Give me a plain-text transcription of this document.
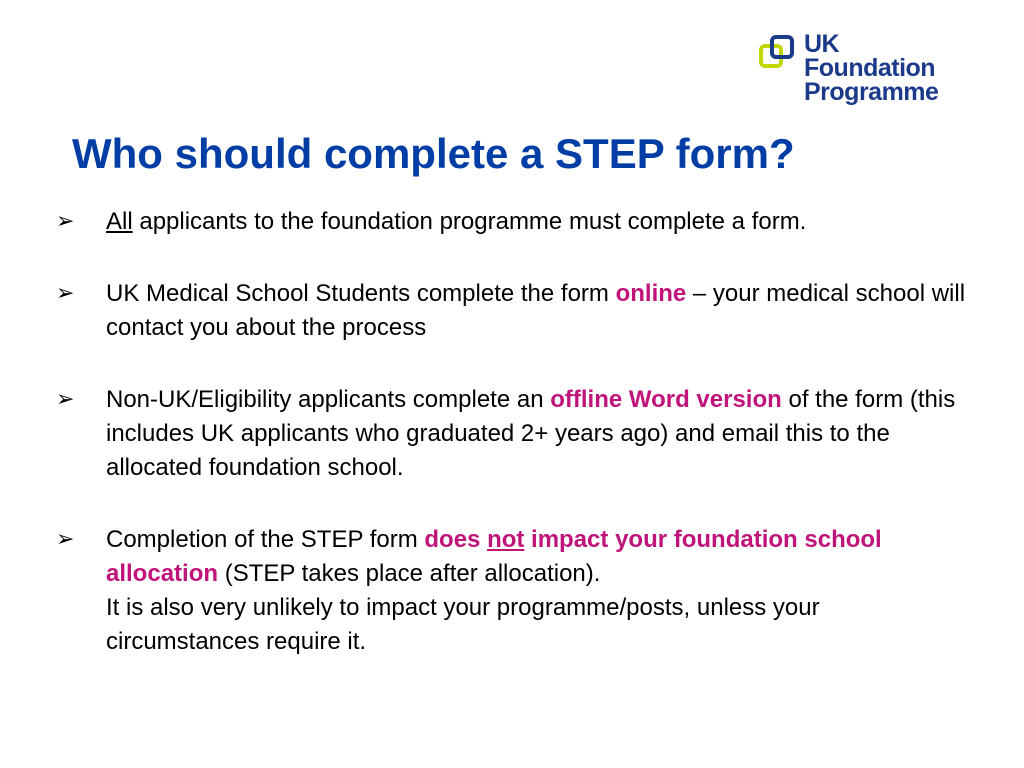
UK
Foundation
Programme
Who should complete a STEP form?
➢ All applicants to the foundation programme must complete a form.
➢ UK Medical School Students complete the form online – your medical school will contact you about the process
➢ Non-UK/Eligibility applicants complete an offline Word version of the form (this includes UK applicants who graduated 2+ years ago) and email this to the allocated foundation school.
➢ Completion of the STEP form does not impact your foundation school allocation (STEP takes place after allocation).
It is also very unlikely to impact your programme/posts, unless your circumstances require it.
